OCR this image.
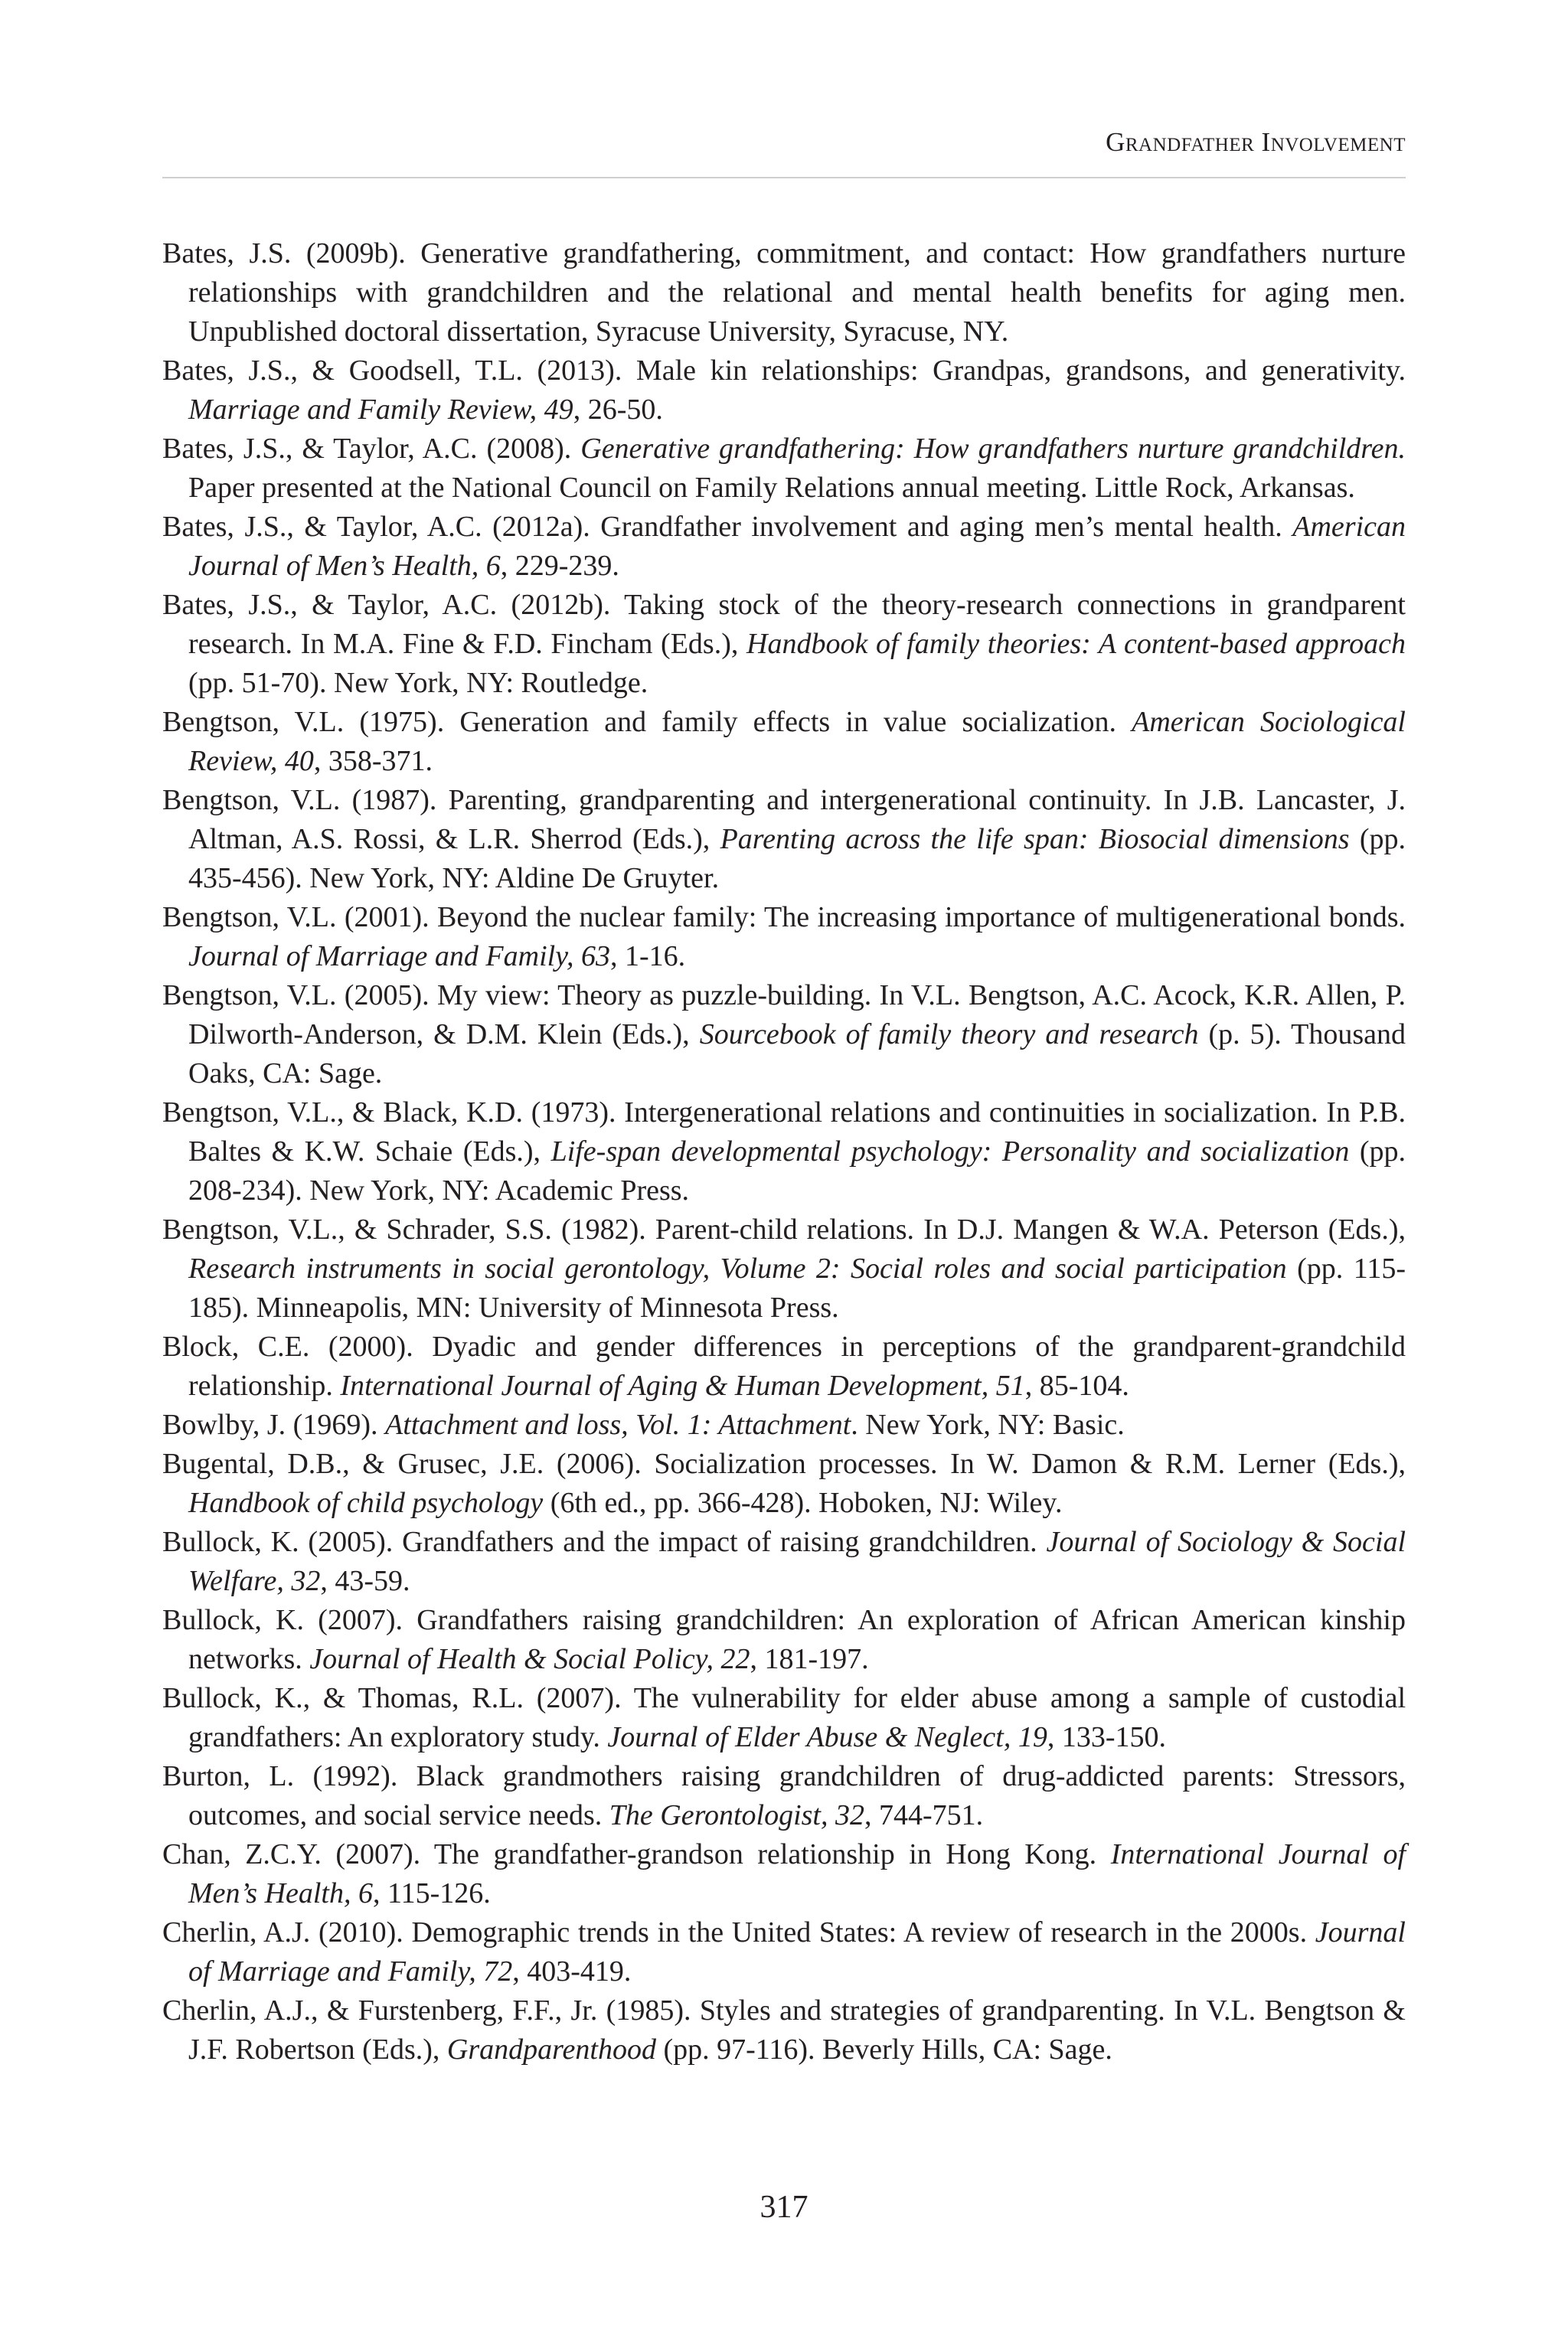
Grandfather Involvement

Bates, J.S. (2009b). Generative grandfathering, commitment, and contact: How grandfathers nurture relationships with grandchildren and the relational and mental health benefits for aging men. Unpublished doctoral dissertation, Syracuse University, Syracuse, NY.

Bates, J.S., & Goodsell, T.L. (2013). Male kin relationships: Grandpas, grandsons, and generativity. Marriage and Family Review, 49, 26-50.

Bates, J.S., & Taylor, A.C. (2008). Generative grandfathering: How grandfathers nurture grandchildren. Paper presented at the National Council on Family Relations annual meeting. Little Rock, Arkansas.

Bates, J.S., & Taylor, A.C. (2012a). Grandfather involvement and aging men’s mental health. American Journal of Men’s Health, 6, 229-239.

Bates, J.S., & Taylor, A.C. (2012b). Taking stock of the theory-research connections in grandparent research. In M.A. Fine & F.D. Fincham (Eds.), Handbook of family theories: A content-based approach (pp. 51-70). New York, NY: Routledge.

Bengtson, V.L. (1975). Generation and family effects in value socialization. American Sociological Review, 40, 358-371.

Bengtson, V.L. (1987). Parenting, grandparenting and intergenerational continuity. In J.B. Lancaster, J. Altman, A.S. Rossi, & L.R. Sherrod (Eds.), Parenting across the life span: Biosocial dimensions (pp. 435-456). New York, NY: Aldine De Gruyter.

Bengtson, V.L. (2001). Beyond the nuclear family: The increasing importance of multigenerational bonds. Journal of Marriage and Family, 63, 1-16.

Bengtson, V.L. (2005). My view: Theory as puzzle-building. In V.L. Bengtson, A.C. Acock, K.R. Allen, P. Dilworth-Anderson, & D.M. Klein (Eds.), Sourcebook of family theory and research (p. 5). Thousand Oaks, CA: Sage.

Bengtson, V.L., & Black, K.D. (1973). Intergenerational relations and continuities in socialization. In P.B. Baltes & K.W. Schaie (Eds.), Life-span developmental psychology: Personality and socialization (pp. 208-234). New York, NY: Academic Press.

Bengtson, V.L., & Schrader, S.S. (1982). Parent-child relations. In D.J. Mangen & W.A. Peterson (Eds.), Research instruments in social gerontology, Volume 2: Social roles and social participation (pp. 115-185). Minneapolis, MN: University of Minnesota Press.

Block, C.E. (2000). Dyadic and gender differences in perceptions of the grandparent-grandchild relationship. International Journal of Aging & Human Development, 51, 85-104.

Bowlby, J. (1969). Attachment and loss, Vol. 1: Attachment. New York, NY: Basic.

Bugental, D.B., & Grusec, J.E. (2006). Socialization processes. In W. Damon & R.M. Lerner (Eds.), Handbook of child psychology (6th ed., pp. 366-428). Hoboken, NJ: Wiley.

Bullock, K. (2005). Grandfathers and the impact of raising grandchildren. Journal of Sociology & Social Welfare, 32, 43-59.

Bullock, K. (2007). Grandfathers raising grandchildren: An exploration of African American kinship networks. Journal of Health & Social Policy, 22, 181-197.

Bullock, K., & Thomas, R.L. (2007). The vulnerability for elder abuse among a sample of custodial grandfathers: An exploratory study. Journal of Elder Abuse & Neglect, 19, 133-150.

Burton, L. (1992). Black grandmothers raising grandchildren of drug-addicted parents: Stressors, outcomes, and social service needs. The Gerontologist, 32, 744-751.

Chan, Z.C.Y. (2007). The grandfather-grandson relationship in Hong Kong. International Journal of Men’s Health, 6, 115-126.

Cherlin, A.J. (2010). Demographic trends in the United States: A review of research in the 2000s. Journal of Marriage and Family, 72, 403-419.

Cherlin, A.J., & Furstenberg, F.F., Jr. (1985). Styles and strategies of grandparenting. In V.L. Bengtson & J.F. Robertson (Eds.), Grandparenthood (pp. 97-116). Beverly Hills, CA: Sage.

317
